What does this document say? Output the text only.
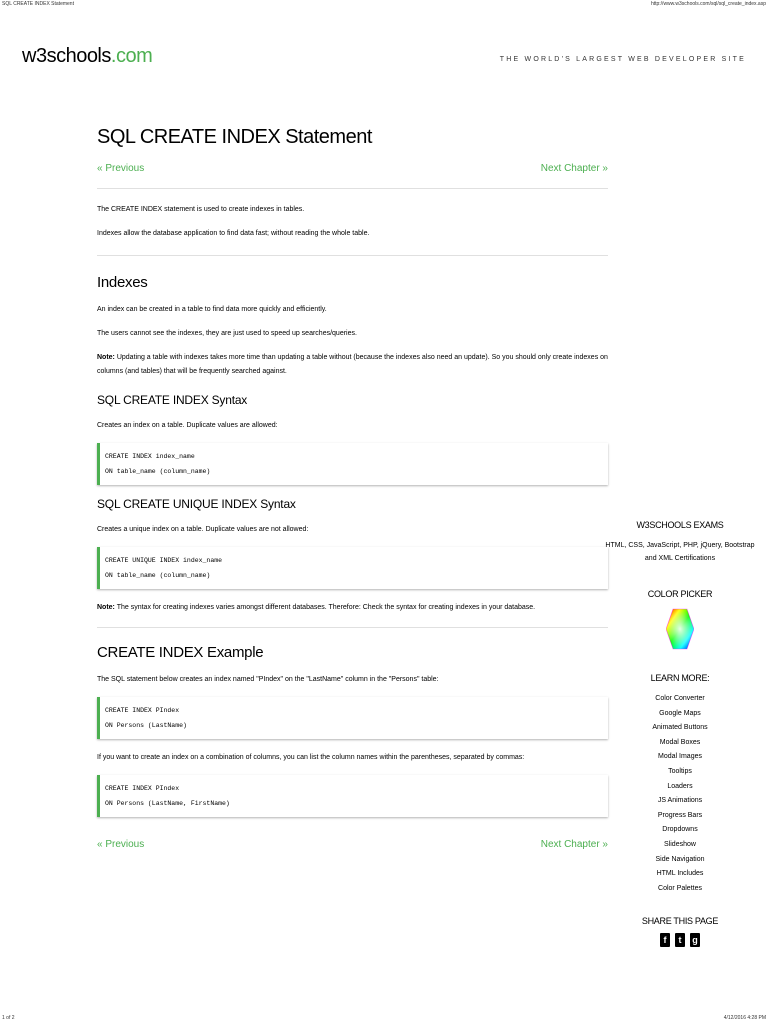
SQL CREATE INDEX Statement	http://www.w3schools.com/sql/sql_create_index.asp
w3schools.com	THE WORLD'S LARGEST WEB DEVELOPER SITE
SQL CREATE INDEX Statement
« Previous	Next Chapter »

The CREATE INDEX statement is used to create indexes in tables.

Indexes allow the database application to find data fast; without reading the whole table.

Indexes

An index can be created in a table to find data more quickly and efficiently.

The users cannot see the indexes, they are just used to speed up searches/queries.

Note: Updating a table with indexes takes more time than updating a table without (because the indexes also need an update). So you should only create indexes on columns (and tables) that will be frequently searched against.

SQL CREATE INDEX Syntax

Creates an index on a table. Duplicate values are allowed:

CREATE INDEX index_name
ON table_name (column_name)
SQL CREATE UNIQUE INDEX Syntax

Creates a unique index on a table. Duplicate values are not allowed:

CREATE UNIQUE INDEX index_name
ON table_name (column_name)

Note: The syntax for creating indexes varies amongst different databases. Therefore: Check the syntax for creating indexes in your database.

CREATE INDEX Example

The SQL statement below creates an index named "PIndex" on the "LastName" column in the "Persons" table:

CREATE INDEX PIndex
ON Persons (LastName)

If you want to create an index on a combination of columns, you can list the column names within the parentheses, separated by commas:

CREATE INDEX PIndex
ON Persons (LastName, FirstName)
« Previous	Next Chapter »
W3SCHOOLS EXAMS
HTML, CSS, JavaScript, PHP, jQuery, Bootstrap and XML Certifications
COLOR PICKER
LEARN MORE:
Color Converter
Google Maps
Animated Buttons
Modal Boxes
Modal Images
Tooltips
Loaders
JS Animations
Progress Bars
Dropdowns
Slideshow
Side Navigation
HTML Includes
Color Palettes
SHARE THIS PAGE
f	t	g
1 of 2	4/12/2016 4:28 PM
